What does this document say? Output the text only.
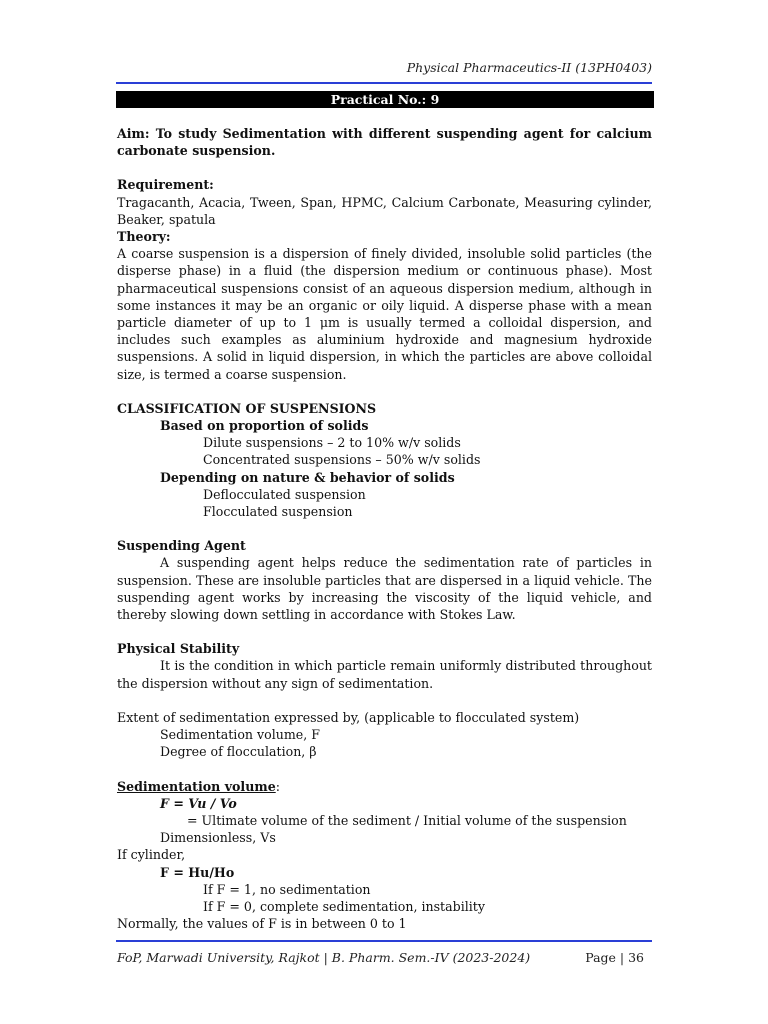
Physical Pharmaceutics-II (13PH0403)
Practical No.: 9

Aim: To study Sedimentation with different suspending agent for calcium carbonate suspension.

Requirement:

Tragacanth, Acacia, Tween, Span, HPMC, Calcium Carbonate, Measuring cylinder, Beaker, spatula

Theory:

A coarse suspension is a dispersion of finely divided, insoluble solid particles (the disperse phase) in a fluid (the dispersion medium or continuous phase). Most pharmaceutical suspensions consist of an aqueous dispersion medium, although in some instances it may be an organic or oily liquid. A disperse phase with a mean particle diameter of up to 1 μm is usually termed a colloidal dispersion, and includes such examples as aluminium hydroxide and magnesium hydroxide suspensions. A solid in liquid dispersion, in which the particles are above colloidal size, is termed a coarse suspension.

CLASSIFICATION OF SUSPENSIONS

Based on proportion of solids

Dilute suspensions – 2 to 10% w/v solids

Concentrated suspensions – 50% w/v solids

Depending on nature & behavior of solids

Deflocculated suspension

Flocculated suspension

Suspending Agent

A suspending agent helps reduce the sedimentation rate of particles in suspension. These are insoluble particles that are dispersed in a liquid vehicle. The suspending agent works by increasing the viscosity of the liquid vehicle, and thereby slowing down settling in accordance with Stokes Law.

Physical Stability

It is the condition in which particle remain uniformly distributed throughout the dispersion without any sign of sedimentation.

Extent of sedimentation expressed by, (applicable to flocculated system)

Sedimentation volume, F

Degree of flocculation, β

Sedimentation volume:

F = Vu / Vo

= Ultimate volume of the sediment / Initial volume of the suspension

Dimensionless, Vs

If cylinder,

F = Hu/Ho

If F = 1, no sedimentation

If F = 0, complete sedimentation, instability

Normally, the values of F is in between 0 to 1

FoP, Marwadi University, Rajkot | B. Pharm. Sem.-IV (2023-2024)	Page | 36
